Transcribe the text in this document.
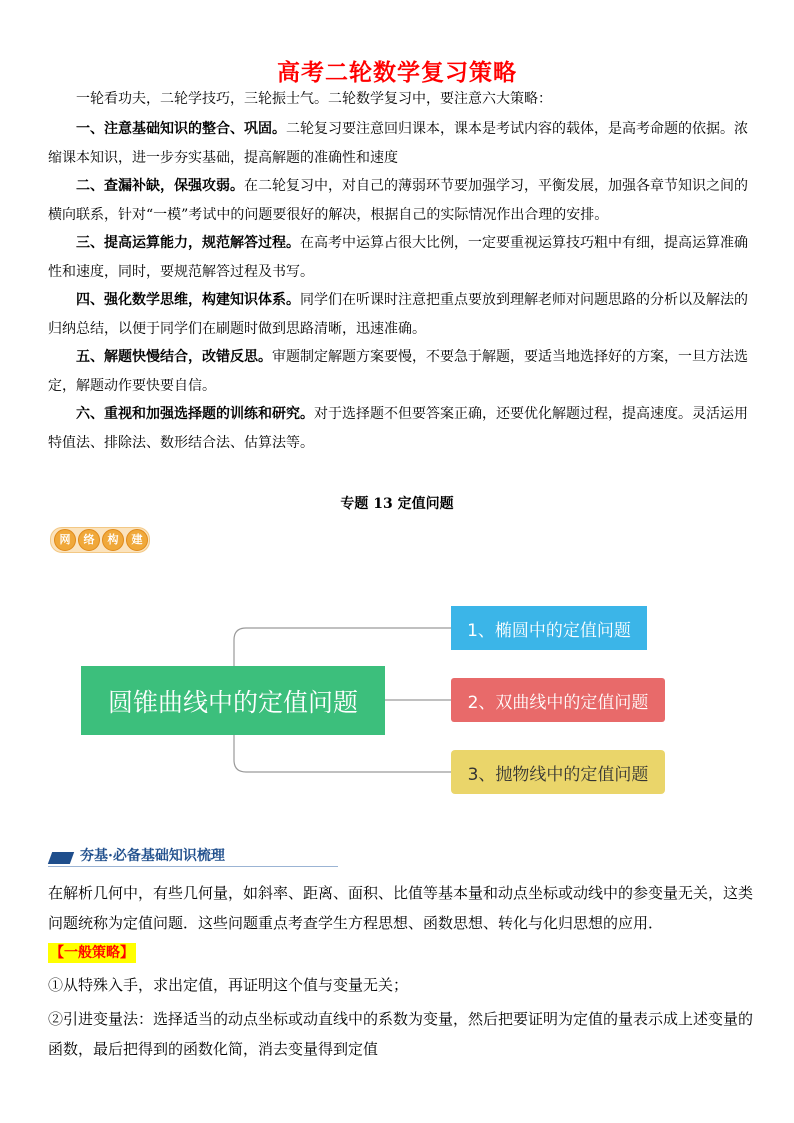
高考二轮数学复习策略
一轮看功夫，二轮学技巧，三轮振士气。二轮数学复习中，要注意六大策略：
一、注意基础知识的整合、巩固。二轮复习要注意回归课本，课本是考试内容的载体，是高考命题的依据。浓缩课本知识，进一步夯实基础，提高解题的准确性和速度
二、查漏补缺，保强攻弱。在二轮复习中，对自己的薄弱环节要加强学习，平衡发展，加强各章节知识之间的横向联系，针对“一模”考试中的问题要很好的解决，根据自己的实际情况作出合理的安排。
三、提高运算能力，规范解答过程。在高考中运算占很大比例，一定要重视运算技巧粗中有细，提高运算准确性和速度，同时，要规范解答过程及书写。
四、强化数学思维，构建知识体系。同学们在听课时注意把重点要放到理解老师对问题思路的分析以及解法的归纳总结，以便于同学们在刷题时做到思路清晰，迅速准确。
五、解题快慢结合，改错反思。审题制定解题方案要慢，不要急于解题，要适当地选择好的方案，一旦方法选定，解题动作要快要自信。
六、重视和加强选择题的训练和研究。对于选择题不但要答案正确，还要优化解题过程，提高速度。灵活运用特值法、排除法、数形结合法、估算法等。
专题 13 定值问题
网	络	构	建
圆锥曲线中的定值问题
1、椭圆中的定值问题
2、双曲线中的定值问题
3、抛物线中的定值问题
夯基·必备基础知识梳理
在解析几何中，有些几何量，如斜率、距离、面积、比值等基本量和动点坐标或动线中的参变量无关，这类问题统称为定值问题．这些问题重点考查学生方程思想、函数思想、转化与化归思想的应用．
【一般策略】
①从特殊入手，求出定值，再证明这个值与变量无关；
②引进变量法：选择适当的动点坐标或动直线中的系数为变量，然后把要证明为定值的量表示成上述变量的函数，最后把得到的函数化简，消去变量得到定值
